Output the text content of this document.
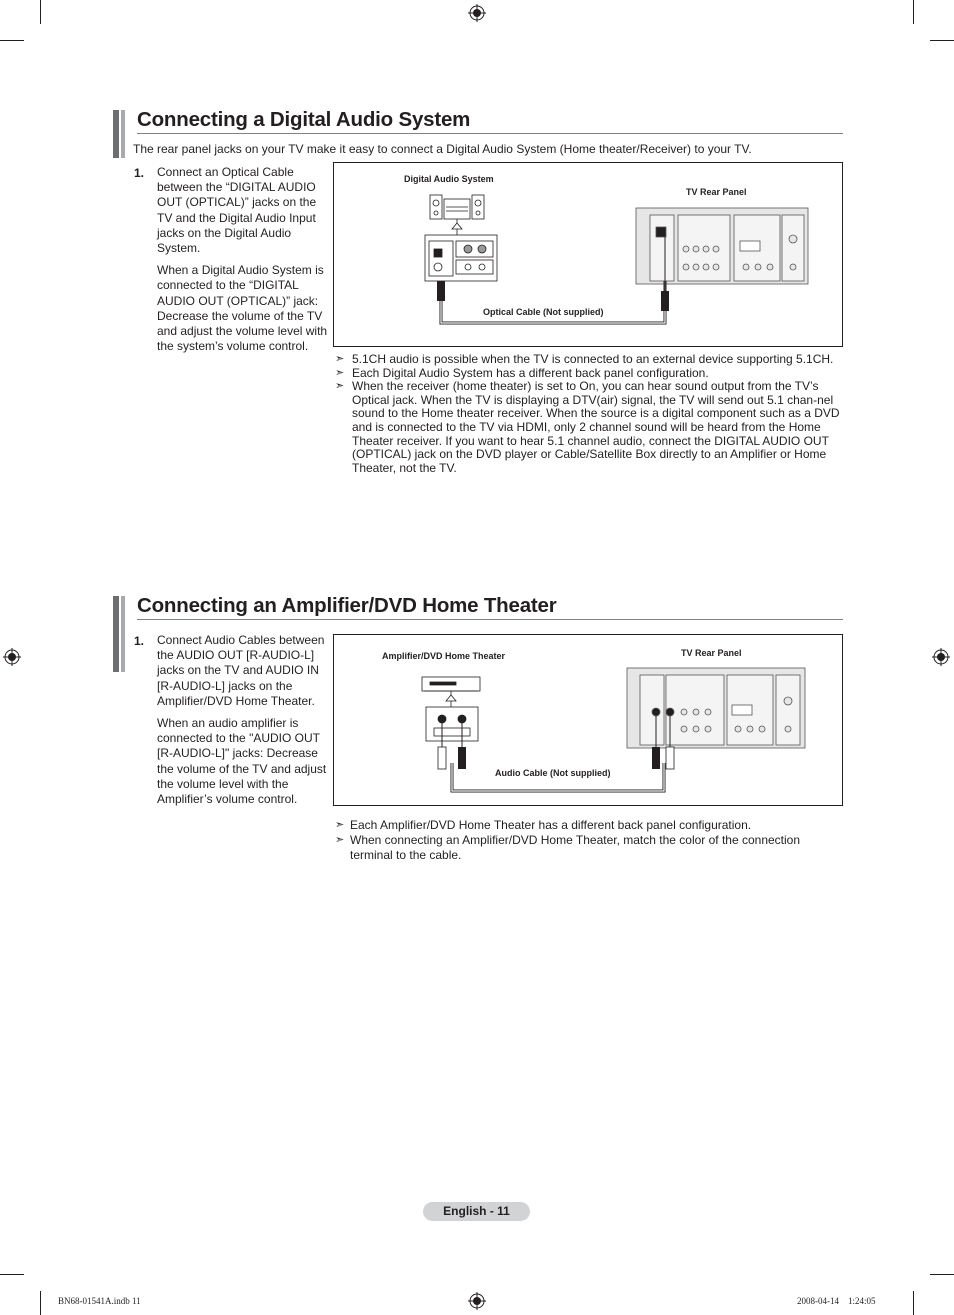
Connecting a Digital Audio System
The rear panel jacks on your TV make it easy to connect a Digital Audio System (Home theater/Receiver) to your TV.
1. Connect an Optical Cable between the “DIGITAL AUDIO OUT (OPTICAL)” jacks on the TV and the Digital Audio Input jacks on the Digital Audio System.

When a Digital Audio System is connected to the “DIGITAL AUDIO OUT (OPTICAL)” jack: Decrease the volume of the TV and adjust the volume level with the system’s volume control.

Digital Audio System
TV Rear Panel
Optical Cable (Not supplied)
➣ 5.1CH audio is possible when the TV is connected to an external device supporting 5.1CH.
➣ Each Digital Audio System has a different back panel configuration.
➣ When the receiver (home theater) is set to On, you can hear sound output from the TV’s Optical jack. When the TV is displaying a DTV(air) signal, the TV will send out 5.1 chan-nel sound to the Home theater receiver. When the source is a digital component such as a DVD and is connected to the TV via HDMI, only 2 channel sound will be heard from the Home Theater receiver. If you want to hear 5.1 channel audio, connect the DIGITAL AUDIO OUT (OPTICAL) jack on the DVD player or Cable/Satellite Box directly to an Amplifier or Home Theater, not the TV.
Connecting an Amplifier/DVD Home Theater
1. Connect Audio Cables between the AUDIO OUT [R-AUDIO-L] jacks on the TV and AUDIO IN [R-AUDIO-L] jacks on the Amplifier/DVD Home Theater.

When an audio amplifier is connected to the "AUDIO OUT [R-AUDIO-L]" jacks: Decrease the volume of the TV and adjust the volume level with the Amplifier’s volume control.

Amplifier/DVD Home Theater	TV Rear Panel
Audio Cable (Not supplied)
➣ Each Amplifier/DVD Home Theater has a different back panel configuration.
➣ When connecting an Amplifier/DVD Home Theater, match the color of the connection terminal to the cable.
English - 11
BN68-01541A.indb 11	2008-04-14    1:24:05
